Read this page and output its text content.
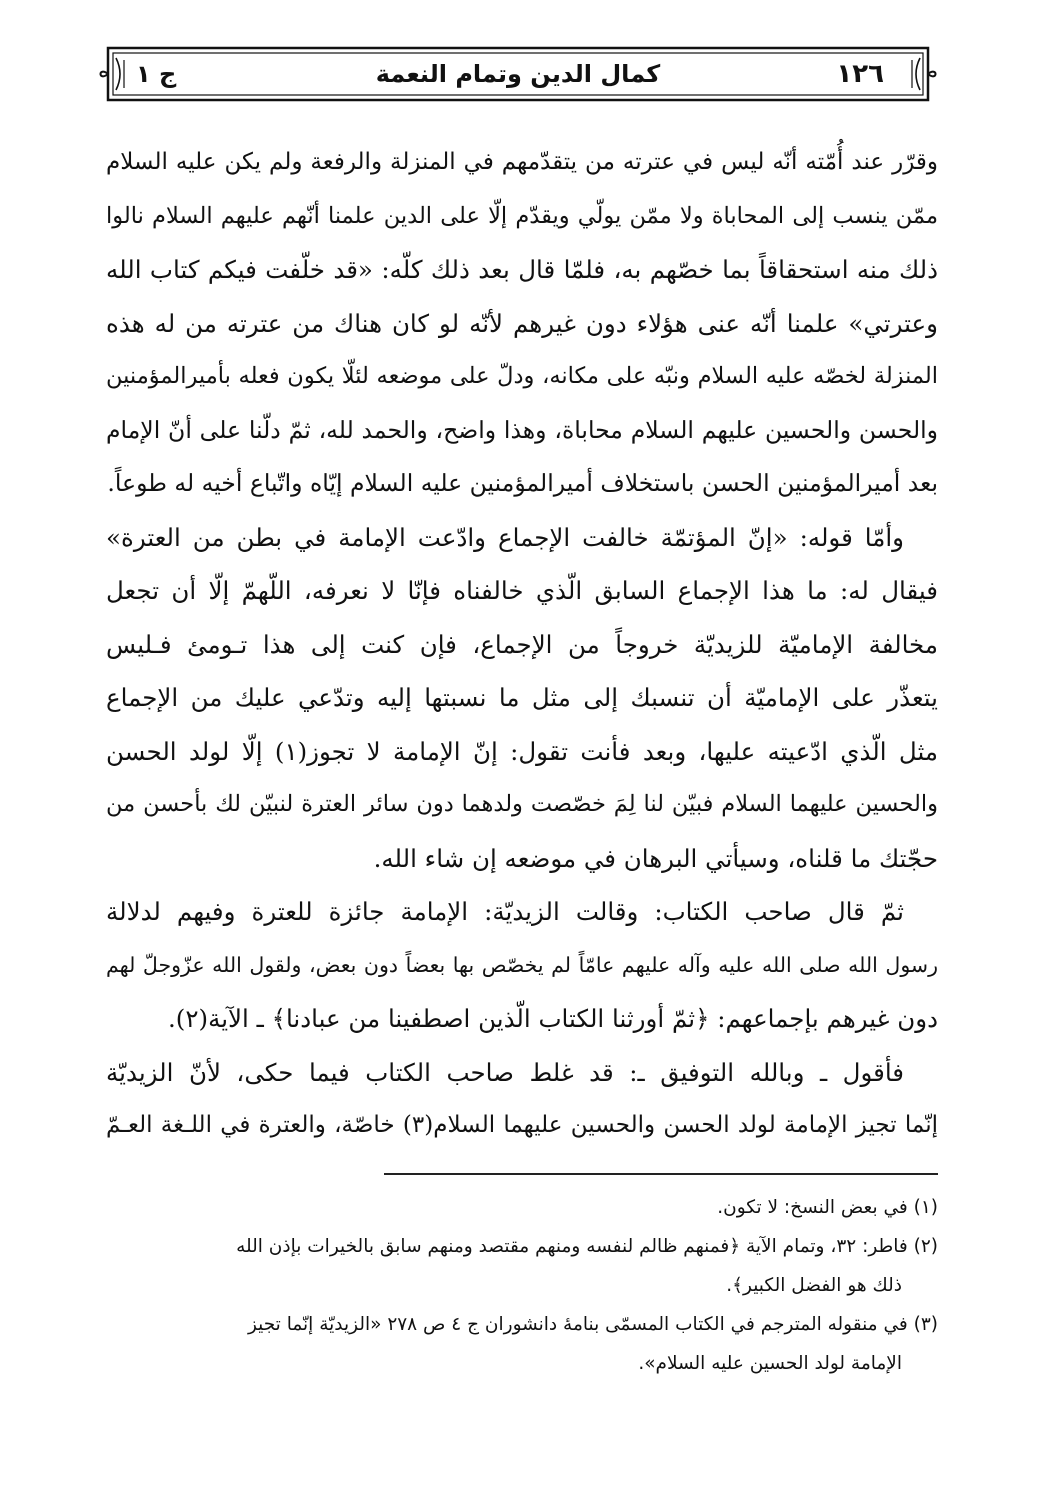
١٢٦
كمال الدين وتمام النعمة
ج ١
وقرّر عند أُمّته أنّه ليس في عترته من يتقدّمهم في المنزلة والرفعة ولم يكن عليه السلام
ممّن ينسب إلى المحاباة ولا ممّن يولّي ويقدّم إلّا على الدين علمنا أنّهم عليهم السلام نالوا
ذلك منه استحقاقاً بما خصّهم به، فلمّا قال بعد ذلك كلّه: «قد خلّفت فيكم كتاب الله
وعترتي» علمنا أنّه عنى هؤلاء دون غيرهم لأنّه لو كان هناك من عترته من له هذه
المنزلة لخصّه عليه السلام ونبّه على مكانه، ودلّ على موضعه لئلّا يكون فعله بأميرالمؤمنين
والحسن والحسين عليهم السلام محاباة، وهذا واضح، والحمد لله، ثمّ دلّنا على أنّ الإمام
بعد أميرالمؤمنين الحسن باستخلاف أميرالمؤمنين عليه السلام إيّاه واتّباع أخيه له طوعاً.
وأمّا قوله: «إنّ المؤتمّة خالفت الإجماع وادّعت الإمامة في بطن من العترة»
فيقال له: ما هذا الإجماع السابق الّذي خالفناه فإنّا لا نعرفه، اللّهمّ إلّا أن تجعل
مخالفة الإماميّة للزيديّة خروجاً من الإجماع، فإن كنت إلى هذا تـومئ فـليس
يتعذّر على الإماميّة أن تنسبك إلى مثل ما نسبتها إليه وتدّعي عليك من الإجماع
مثل الّذي ادّعيته عليها، وبعد فأنت تقول: إنّ الإمامة لا تجوز(١) إلّا لولد الحسن
والحسين عليهما السلام فبيّن لنا لِمَ خصّصت ولدهما دون سائر العترة لنبيّن لك بأحسن من
حجّتك ما قلناه، وسيأتي البرهان في موضعه إن شاء الله.
ثمّ قال صاحب الكتاب: وقالت الزيديّة: الإمامة جائزة للعترة وفيهم لدلالة
رسول الله صلى الله عليه وآله عليهم عامّاً لم يخصّص بها بعضاً دون بعض، ولقول الله عزّوجلّ لهم
دون غيرهم بإجماعهم: ﴿ثمّ أورثنا الكتاب الّذين اصطفينا من عبادنا﴾ ـ الآية(٢).
فأقول ـ وبالله التوفيق ـ: قد غلط صاحب الكتاب فيما حكى، لأنّ الزيديّة
إنّما تجيز الإمامة لولد الحسن والحسين عليهما السلام(٣) خاصّة، والعترة في اللـغة العـمّ
(١) في بعض النسخ: لا تكون.
(٢) فاطر: ٣٢، وتمام الآية ﴿فمنهم ظالم لنفسه ومنهم مقتصد ومنهم سابق بالخيرات بإذن الله
ذلك هو الفضل الكبير﴾.
(٣) في منقوله المترجم في الكتاب المسمّى بنامهٔ دانشوران ج ٤ ص ٢٧٨ «الزيديّة إنّما تجيز
الإمامة لولد الحسين عليه السلام».
